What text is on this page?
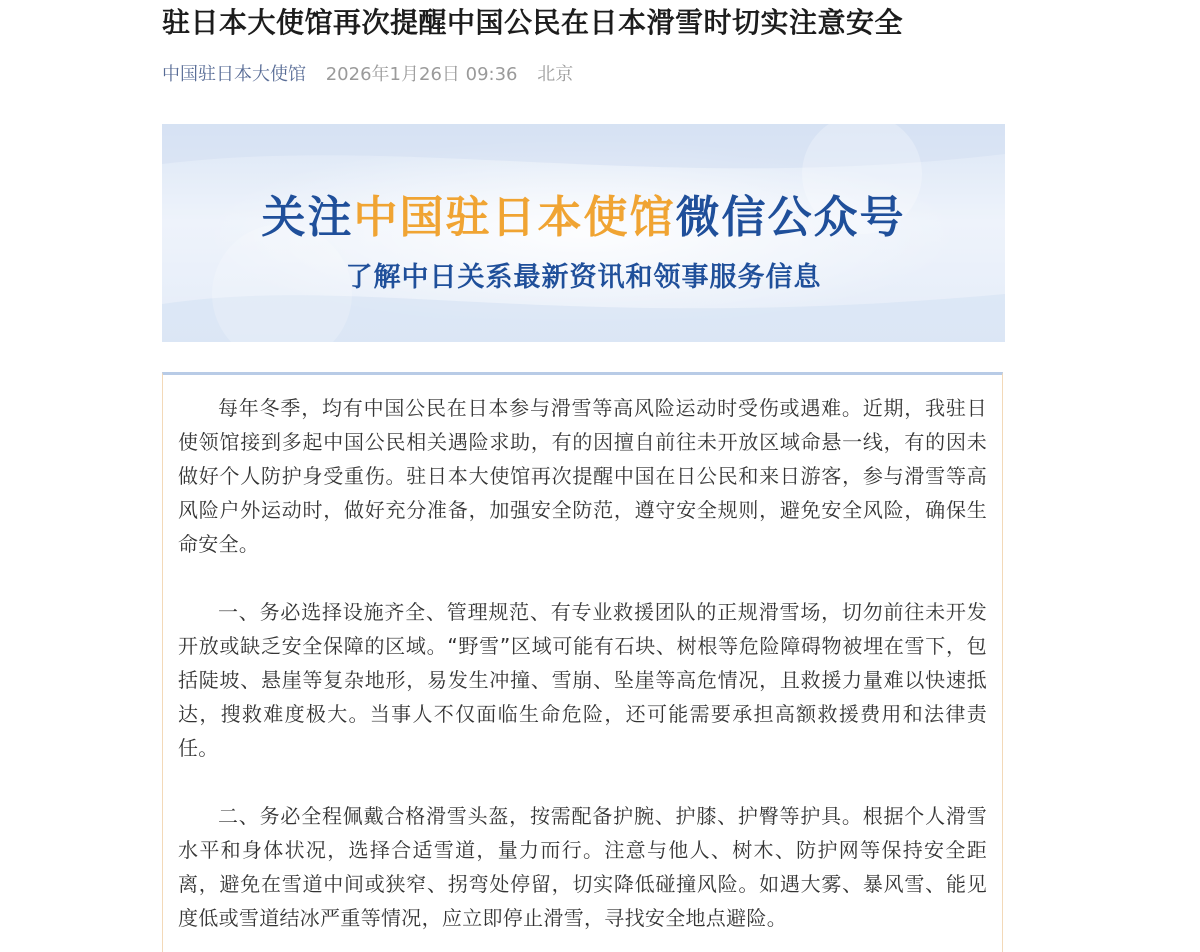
驻日本大使馆再次提醒中国公民在日本滑雪时切实注意安全
中国驻日本大使馆 2026年1月26日 09:36 北京
关注中国驻日本使馆微信公众号
了解中日关系最新资讯和领事服务信息

每年冬季，均有中国公民在日本参与滑雪等高风险运动时受伤或遇难。近期，我驻日使领馆接到多起中国公民相关遇险求助，有的因擅自前往未开放区域命悬一线，有的因未做好个人防护身受重伤。驻日本大使馆再次提醒中国在日公民和来日游客，参与滑雪等高风险户外运动时，做好充分准备，加强安全防范，遵守安全规则，避免安全风险，确保生命安全。

一、务必选择设施齐全、管理规范、有专业救援团队的正规滑雪场，切勿前往未开发开放或缺乏安全保障的区域。“野雪”区域可能有石块、树根等危险障碍物被埋在雪下，包括陡坡、悬崖等复杂地形，易发生冲撞、雪崩、坠崖等高危情况，且救援力量难以快速抵达，搜救难度极大。当事人不仅面临生命危险，还可能需要承担高额救援费用和法律责任。

二、务必全程佩戴合格滑雪头盔，按需配备护腕、护膝、护臀等护具。根据个人滑雪水平和身体状况，选择合适雪道，量力而行。注意与他人、树木、防护网等保持安全距离，避免在雪道中间或狭窄、拐弯处停留，切实降低碰撞风险。如遇大雾、暴风雪、能见度低或雪道结冰严重等情况，应立即停止滑雪，寻找安全地点避险。
